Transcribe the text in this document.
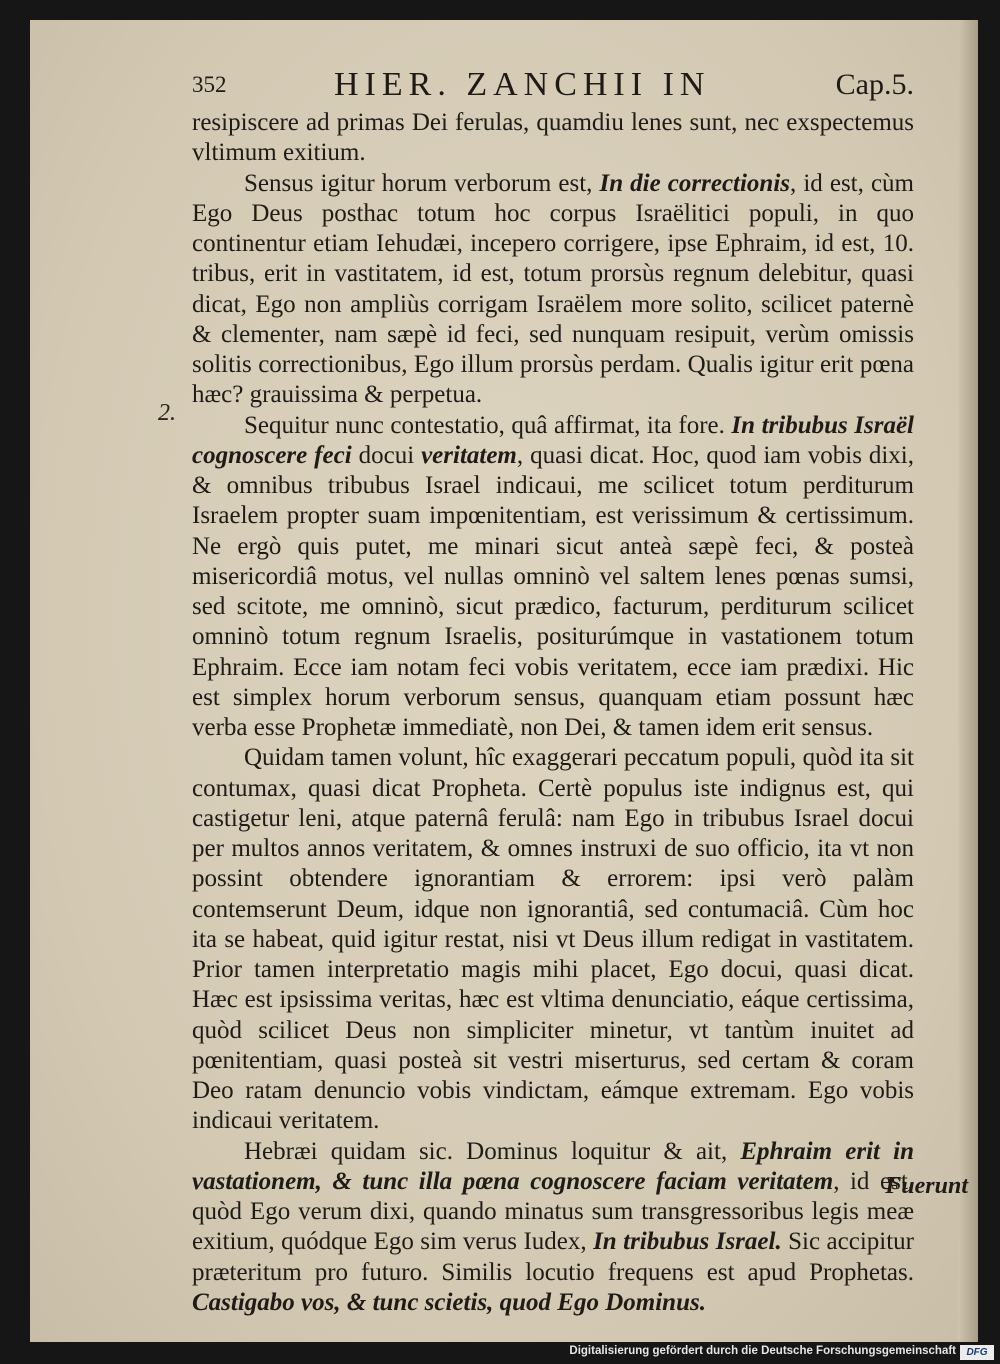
352	HIER. ZANCHII IN	Cap.5.
2.

resipiscere ad primas Dei ferulas, quamdiu lenes sunt, nec exspectemus vltimum exitium.

Sensus igitur horum verborum est, In die correctionis, id est, cùm Ego Deus posthac totum hoc corpus Israëlitici populi, in quo continentur etiam Iehudæi, incepero corrigere, ipse Ephraim, id est, 10. tribus, erit in vastitatem, id est, totum prorsùs regnum delebitur, quasi dicat, Ego non ampliùs corrigam Israëlem more solito, scilicet paternè & clementer, nam sæpè id feci, sed nunquam resipuit, verùm omissis solitis correctionibus, Ego illum prorsùs perdam. Qualis igitur erit pœna hæc? grauissima & perpetua.

Sequitur nunc contestatio, quâ affirmat, ita fore. In tribubus Israël cognoscere feci docui veritatem, quasi dicat. Hoc, quod iam vobis dixi, & omnibus tribubus Israel indicaui, me scilicet totum perditurum Israelem propter suam impœnitentiam, est verissimum & certissimum. Ne ergò quis putet, me minari sicut anteà sæpè feci, & posteà misericordiâ motus, vel nullas omninò vel saltem lenes pœnas sumsi, sed scitote, me omninò, sicut prædico, facturum, perditurum scilicet omninò totum regnum Israelis, positurúmque in vastationem totum Ephraim. Ecce iam notam feci vobis veritatem, ecce iam prædixi. Hic est simplex horum verborum sensus, quanquam etiam possunt hæc verba esse Prophetæ immediatè, non Dei, & tamen idem erit sensus.

Quidam tamen volunt, hîc exaggerari peccatum populi, quòd ita sit contumax, quasi dicat Propheta. Certè populus iste indignus est, qui castigetur leni, atque paternâ ferulâ: nam Ego in tribubus Israel docui per multos annos veritatem, & omnes instruxi de suo officio, ita vt non possint obtendere ignorantiam & errorem: ipsi verò palàm contemserunt Deum, idque non ignorantiâ, sed contumaciâ. Cùm hoc ita se habeat, quid igitur restat, nisi vt Deus illum redigat in vastitatem. Prior tamen interpretatio magis mihi placet, Ego docui, quasi dicat. Hæc est ipsissima veritas, hæc est vltima denunciatio, eáque certissima, quòd scilicet Deus non simpliciter minetur, vt tantùm inuitet ad pœnitentiam, quasi posteà sit vestri miserturus, sed certam & coram Deo ratam denuncio vobis vindictam, eámque extremam. Ego vobis indicaui veritatem.

Hebræi quidam sic. Dominus loquitur & ait, Ephraim erit in vastationem, & tunc illa pœna cognoscere faciam veritatem, id est, quòd Ego verum dixi, quando minatus sum transgressoribus legis meæ exitium, quódque Ego sim verus Iudex, In tribubus Israel. Sic accipitur præteritum pro futuro. Similis locutio frequens est apud Prophetas. Castigabo vos, & tunc scietis, quod Ego Dominus.

Fuerunt
Digitalisierung gefördert durch die Deutsche Forschungsgemeinschaft	DFG
